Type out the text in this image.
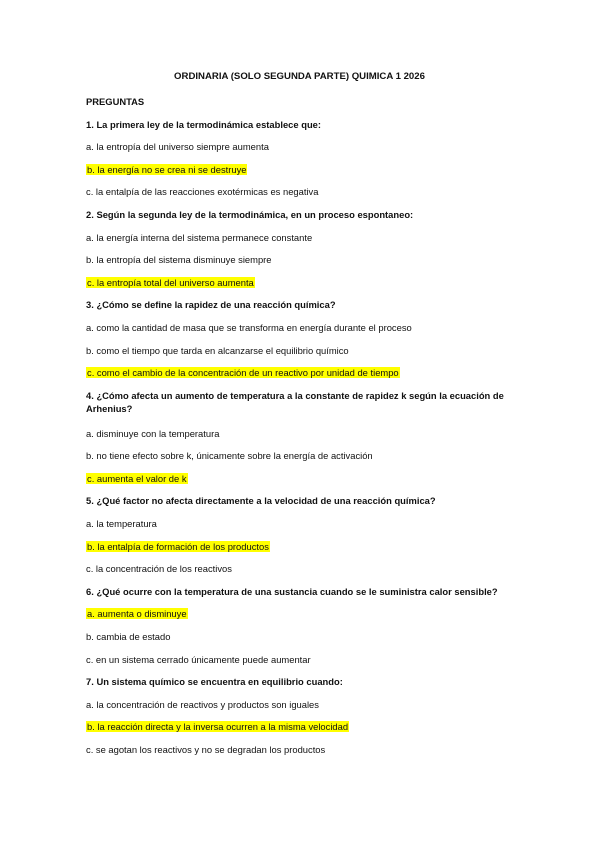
ORDINARIA (SOLO SEGUNDA PARTE) QUIMICA 1 2026
PREGUNTAS
1. La primera ley de la termodinámica establece que:
a. la entropía del universo siempre aumenta
b. la energía no se crea ni se destruye
c. la entalpía de las reacciones exotérmicas es negativa
2. Según la segunda ley de la termodinámica, en un proceso espontaneo:
a. la energía interna del sistema permanece constante
b. la entropía del sistema disminuye siempre
c. la entropía total del universo aumenta
3. ¿Cómo se define la rapidez de una reacción química?
a. como la cantidad de masa que se transforma en energía durante el proceso
b. como el tiempo que tarda en alcanzarse el equilibrio químico
c. como el cambio de la concentración de un reactivo por unidad de tiempo
4. ¿Cómo afecta un aumento de temperatura a la constante de rapidez k según la ecuación de Arhenius?
a. disminuye con la temperatura
b. no tiene efecto sobre k, únicamente sobre la energía de activación
c. aumenta el valor de k
5. ¿Qué factor no afecta directamente a la velocidad de una reacción química?
a. la temperatura
b. la entalpía de formación de los productos
c. la concentración de los reactivos
6. ¿Qué ocurre con la temperatura de una sustancia cuando se le suministra calor sensible?
a. aumenta o disminuye
b. cambia de estado
c. en un sistema cerrado únicamente puede aumentar
7. Un sistema químico se encuentra en equilibrio cuando:
a. la concentración de reactivos y productos son iguales
b. la reacción directa y la inversa ocurren a la misma velocidad
c. se agotan los reactivos y no se degradan los productos
